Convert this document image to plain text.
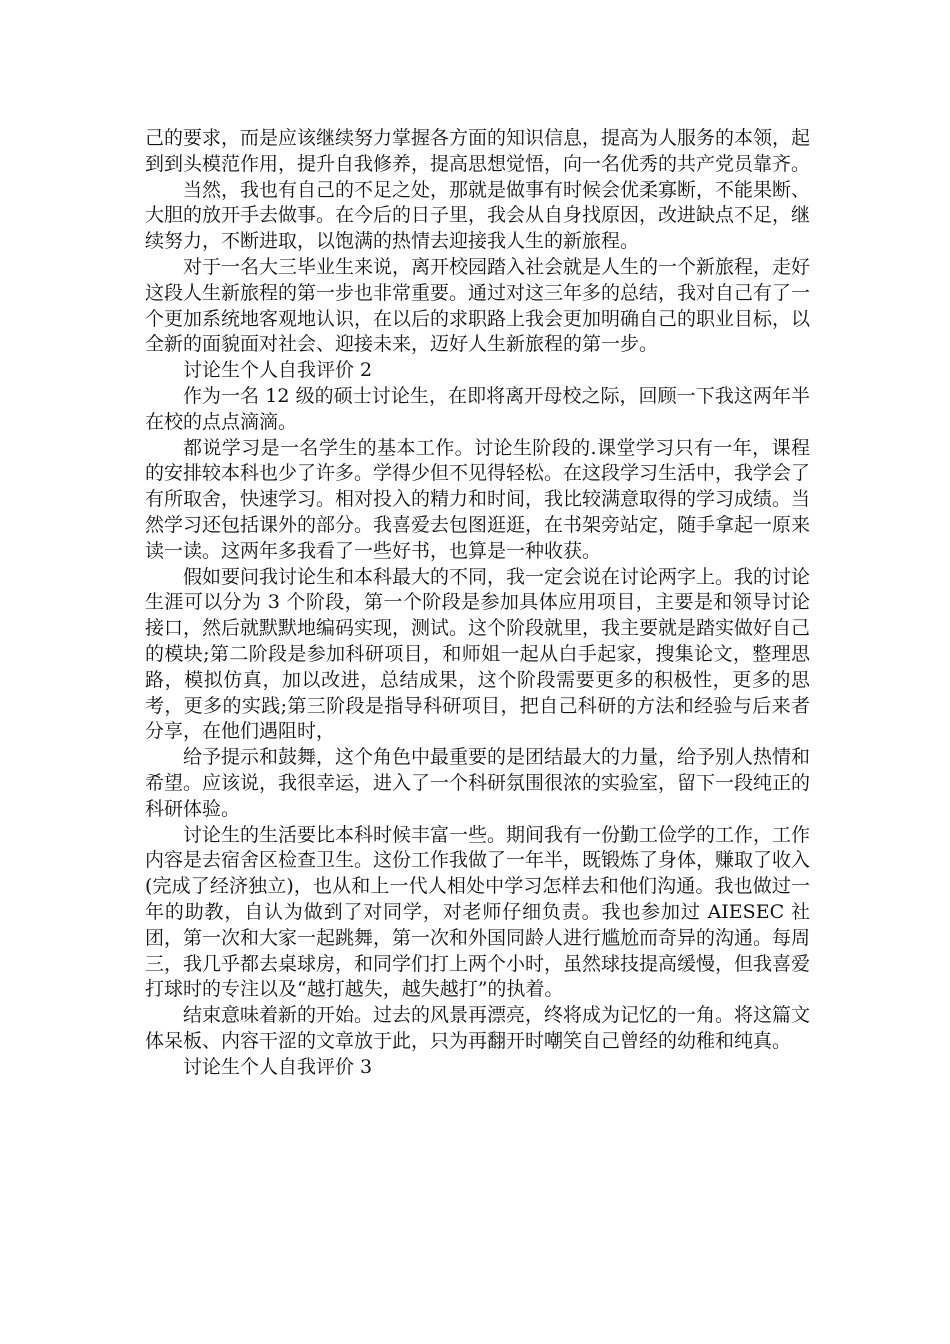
己的要求，而是应该继续努力掌握各方面的知识信息，提高为人服务的本领，起到到头模范作用，提升自我修养，提高思想觉悟，向一名优秀的共产党员靠齐。

当然，我也有自己的不足之处，那就是做事有时候会优柔寡断，不能果断、大胆的放开手去做事。在今后的日子里，我会从自身找原因，改进缺点不足，继续努力，不断进取，以饱满的热情去迎接我人生的新旅程。

对于一名大三毕业生来说，离开校园踏入社会就是人生的一个新旅程，走好这段人生新旅程的第一步也非常重要。通过对这三年多的总结，我对自己有了一个更加系统地客观地认识，在以后的求职路上我会更加明确自己的职业目标，以全新的面貌面对社会、迎接未来，迈好人生新旅程的第一步。

讨论生个人自我评价 2

作为一名 12 级的硕士讨论生，在即将离开母校之际，回顾一下我这两年半在校的点点滴滴。

都说学习是一名学生的基本工作。讨论生阶段的.课堂学习只有一年，课程的安排较本科也少了许多。学得少但不见得轻松。在这段学习生活中，我学会了有所取舍，快速学习。相对投入的精力和时间，我比较满意取得的学习成绩。当然学习还包括课外的部分。我喜爱去包图逛逛，在书架旁站定，随手拿起一原来读一读。这两年多我看了一些好书，也算是一种收获。

假如要问我讨论生和本科最大的不同，我一定会说在讨论两字上。我的讨论生涯可以分为 3 个阶段，第一个阶段是参加具体应用项目，主要是和领导讨论接口，然后就默默地编码实现，测试。这个阶段就里，我主要就是踏实做好自己的模块;第二阶段是参加科研项目，和师姐一起从白手起家，搜集论文，整理思路，模拟仿真，加以改进，总结成果，这个阶段需要更多的积极性，更多的思考，更多的实践;第三阶段是指导科研项目，把自己科研的方法和经验与后来者分享，在他们遇阻时，

给予提示和鼓舞，这个角色中最重要的是团结最大的力量，给予别人热情和希望。应该说，我很幸运，进入了一个科研氛围很浓的实验室，留下一段纯正的科研体验。

讨论生的生活要比本科时候丰富一些。期间我有一份勤工俭学的工作，工作内容是去宿舍区检查卫生。这份工作我做了一年半，既锻炼了身体，赚取了收入(完成了经济独立)，也从和上一代人相处中学习怎样去和他们沟通。我也做过一年的助教，自认为做到了对同学，对老师仔细负责。我也参加过 AIESEC 社团，第一次和大家一起跳舞，第一次和外国同龄人进行尴尬而奇异的沟通。每周三，我几乎都去桌球房，和同学们打上两个小时，虽然球技提高缓慢，但我喜爱打球时的专注以及“越打越失，越失越打”的执着。

结束意味着新的开始。过去的风景再漂亮，终将成为记忆的一角。将这篇文体呆板、内容干涩的文章放于此，只为再翻开时嘲笑自己曾经的幼稚和纯真。

讨论生个人自我评价 3
